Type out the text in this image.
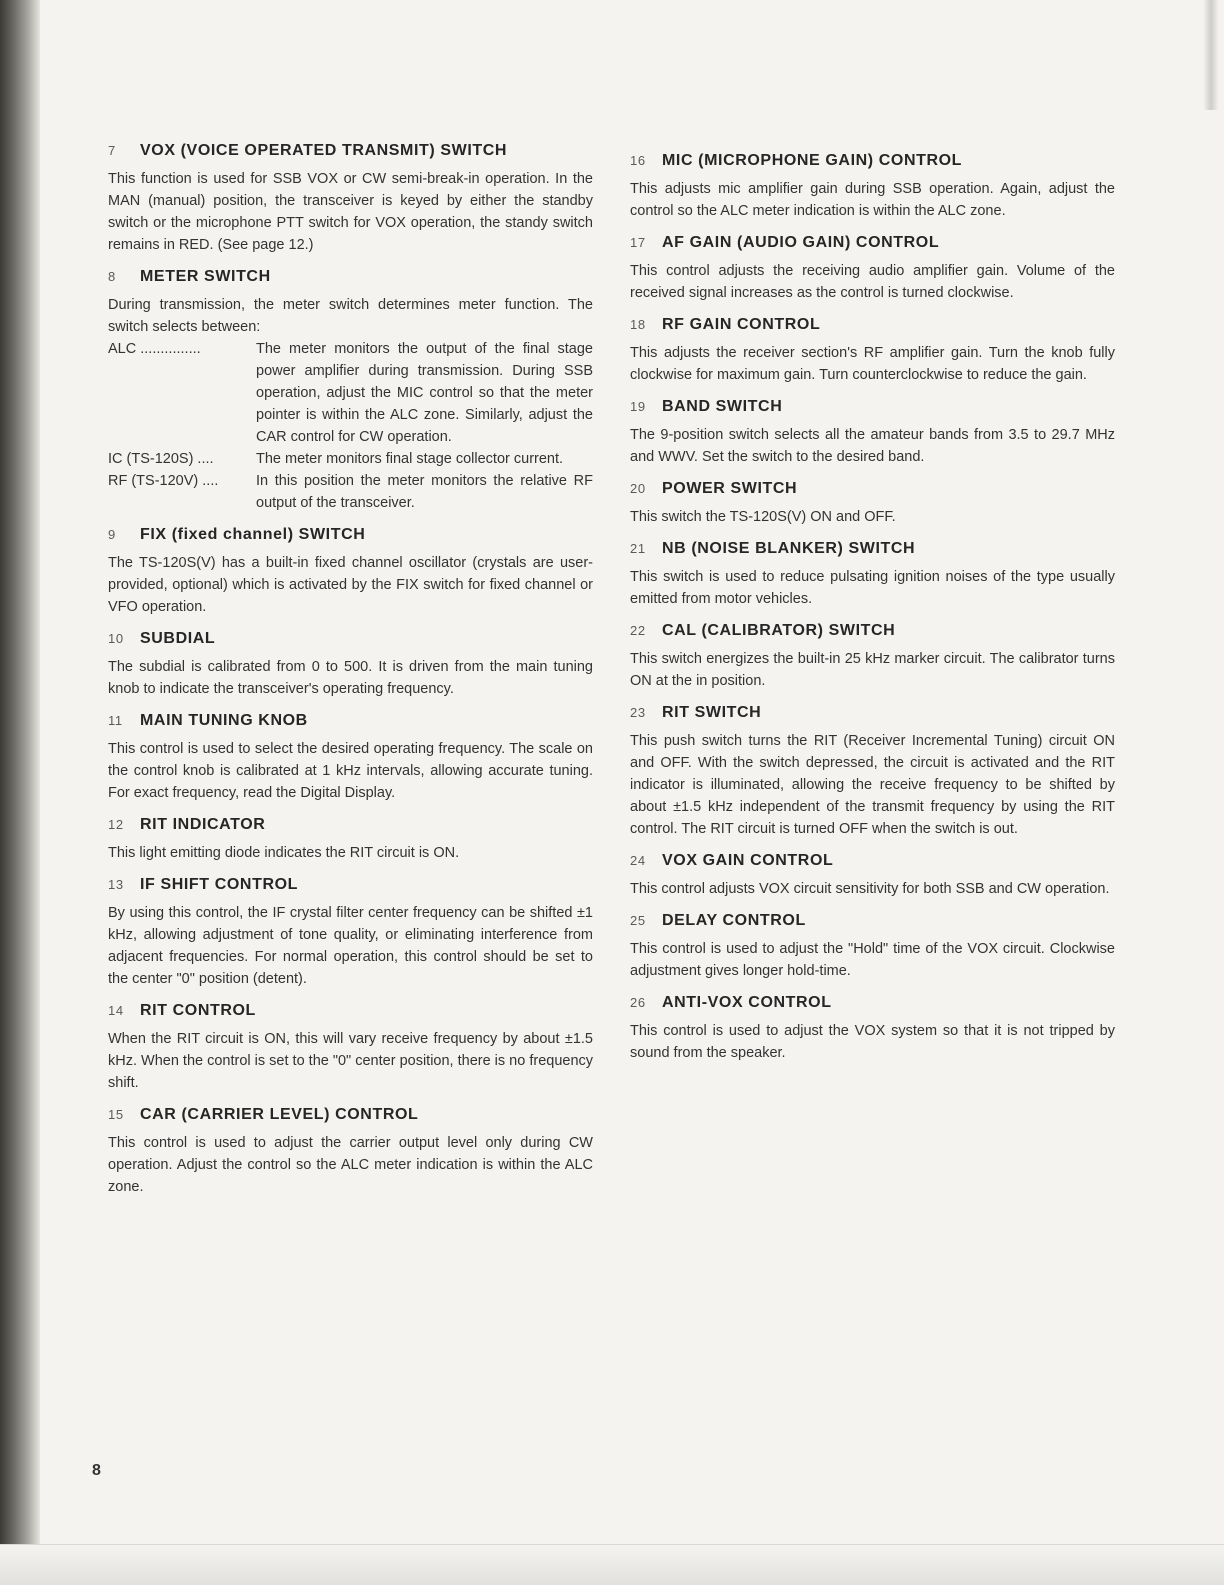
7	VOX (VOICE OPERATED TRANSMIT) SWITCH
This function is used for SSB VOX or CW semi-break-in operation. In the MAN (manual) position, the transceiver is keyed by either the standby switch or the microphone PTT switch for VOX operation, the standy switch remains in RED. (See page 12.)
8	METER SWITCH
During transmission, the meter switch determines meter function. The switch selects between:
ALC ...............	The meter monitors the output of the final stage power amplifier during transmission. During SSB operation, adjust the MIC control so that the meter pointer is within the ALC zone. Similarly, adjust the CAR control for CW operation.
IC (TS-120S) ....	The meter monitors final stage collector current.
RF (TS-120V) ....	In this position the meter monitors the relative RF output of the transceiver.
9	FIX (fixed channel) SWITCH
The TS-120S(V) has a built-in fixed channel oscillator (crystals are user-provided, optional) which is activated by the FIX switch for fixed channel or VFO operation.
10 SUBDIAL
The subdial is calibrated from 0 to 500. It is driven from the main tuning knob to indicate the transceiver's operating frequency.
11 MAIN TUNING KNOB
This control is used to select the desired operating frequency. The scale on the control knob is calibrated at 1 kHz intervals, allowing accurate tuning. For exact frequency, read the Digital Display.
12 RIT INDICATOR
This light emitting diode indicates the RIT circuit is ON.
13 IF SHIFT CONTROL
By using this control, the IF crystal filter center frequency can be shifted ±1 kHz, allowing adjustment of tone quality, or eliminating interference from adjacent frequencies. For normal operation, this control should be set to the center "0" position (detent).
14 RIT CONTROL
When the RIT circuit is ON, this will vary receive frequency by about ±1.5 kHz. When the control is set to the "0" center position, there is no frequency shift.
15 CAR (CARRIER LEVEL) CONTROL
This control is used to adjust the carrier output level only during CW operation. Adjust the control so the ALC meter indication is within the ALC zone.
16 MIC (MICROPHONE GAIN) CONTROL
This adjusts mic amplifier gain during SSB operation. Again, adjust the control so the ALC meter indication is within the ALC zone.
17 AF GAIN (AUDIO GAIN) CONTROL
This control adjusts the receiving audio amplifier gain. Volume of the received signal increases as the control is turned clockwise.
18 RF GAIN CONTROL
This adjusts the receiver section's RF amplifier gain. Turn the knob fully clockwise for maximum gain. Turn counterclockwise to reduce the gain.
19 BAND SWITCH
The 9-position switch selects all the amateur bands from 3.5 to 29.7 MHz and WWV. Set the switch to the desired band.
20 POWER SWITCH
This switch the TS-120S(V) ON and OFF.
21 NB (NOISE BLANKER) SWITCH
This switch is used to reduce pulsating ignition noises of the type usually emitted from motor vehicles.
22 CAL (CALIBRATOR) SWITCH
This switch energizes the built-in 25 kHz marker circuit. The calibrator turns ON at the in position.
23 RIT SWITCH
This push switch turns the RIT (Receiver Incremental Tuning) circuit ON and OFF. With the switch depressed, the circuit is activated and the RIT indicator is illuminated, allowing the receive frequency to be shifted by about ±1.5 kHz independent of the transmit frequency by using the RIT control. The RIT circuit is turned OFF when the switch is out.
24 VOX GAIN CONTROL
This control adjusts VOX circuit sensitivity for both SSB and CW operation.
25 DELAY CONTROL
This control is used to adjust the "Hold" time of the VOX circuit. Clockwise adjustment gives longer hold-time.
26 ANTI-VOX CONTROL
This control is used to adjust the VOX system so that it is not tripped by sound from the speaker.
8
